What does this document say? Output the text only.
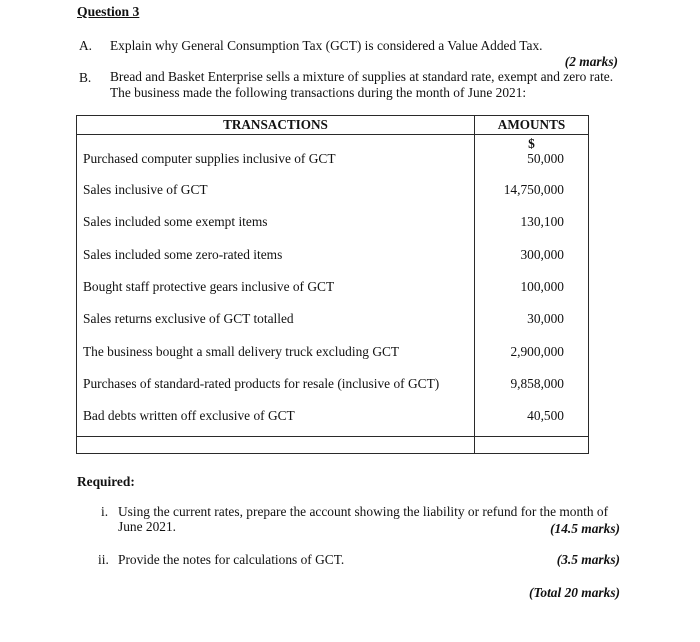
Question 3
A. Explain why General Consumption Tax (GCT) is considered a Value Added Tax.
(2 marks)
B. Bread and Basket Enterprise sells a mixture of supplies at standard rate, exempt and zero rate. The business made the following transactions during the month of June 2021:
TRANSACTIONS	AMOUNTS
$
Purchased computer supplies inclusive of GCT	50,000
Sales inclusive of GCT	14,750,000
Sales included some exempt items	130,100
Sales included some zero-rated items	300,000
Bought staff protective gears inclusive of GCT	100,000
Sales returns exclusive of GCT totalled	30,000
The business bought a small delivery truck excluding GCT	2,900,000
Purchases of standard-rated products for resale (inclusive of GCT)	9,858,000
Bad debts written off exclusive of GCT	40,500
Required:
i. Using the current rates, prepare the account showing the liability or refund for the month of June 2021.	(14.5 marks)
ii. Provide the notes for calculations of GCT.	(3.5 marks)
(Total 20 marks)
